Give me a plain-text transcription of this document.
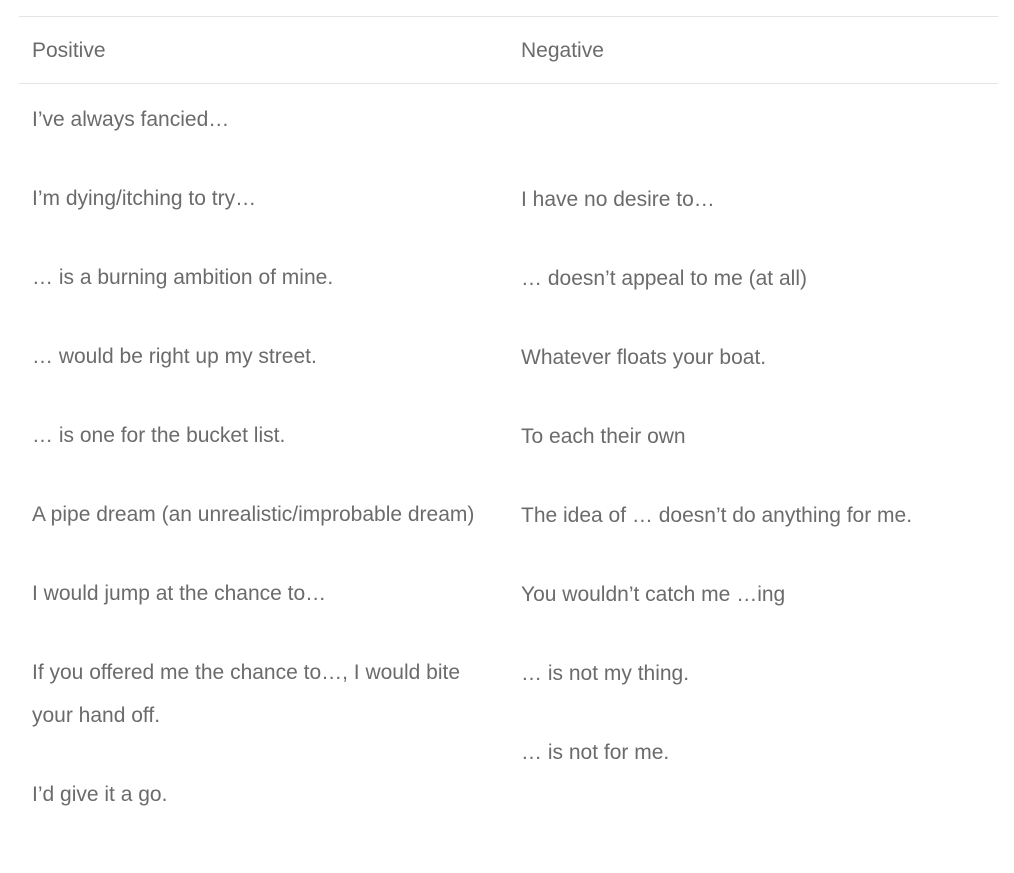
Positive	Negative

I’ve always fancied…

I’m dying/itching to try…

… is a burning ambition of mine.

… would be right up my street.

… is one for the bucket list.

A pipe dream (an unrealistic/improbable dream)

I would jump at the chance to…

If you offered me the chance to…, I would bite your hand off.

I’d give it a go.

I have no desire to…

… doesn’t appeal to me (at all)

Whatever floats your boat.

To each their own

The idea of … doesn’t do anything for me.

You wouldn’t catch me …ing

… is not my thing.

… is not for me.
